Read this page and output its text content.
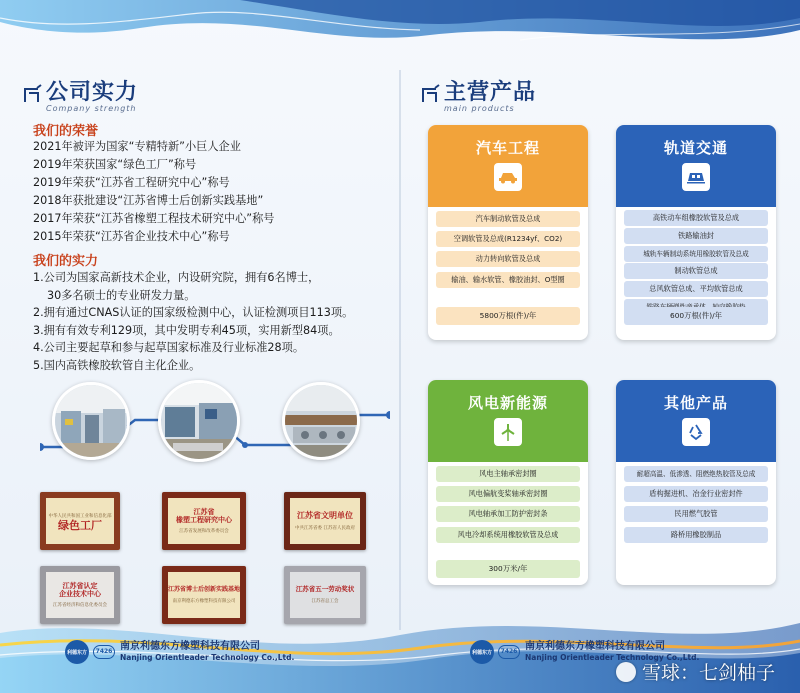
公司实力
Company strength
我们的荣誉
2021年被评为国家“专精特新”小巨人企业
2019年荣获国家“绿色工厂”称号
2019年荣获“江苏省工程研究中心”称号
2018年获批建设“江苏省博士后创新实践基地”
2017年荣获“江苏省橡塑工程技术研究中心”称号
2015年荣获“江苏省企业技术中心”称号
我们的实力
1.公司为国家高新技术企业，内设研究院，拥有6名博士，
30多名硕士的专业研发力量。
2.拥有通过CNAS认证的国家级检测中心，认证检测项目113项。
3.拥有有效专利129项，其中发明专利45项，实用新型84项。
4.公司主要起草和参与起草国家标准及行业标准28项。
5.国内高铁橡胶软管自主化企业。
中华人民共和国工业和信息化部
绿色工厂
江苏省
橡塑工程研究中心
江苏省发展和改革委员会
江苏省文明单位
中共江苏省委 江苏省人民政府
江苏省认定
企业技术中心
江苏省经济和信息化委员会
江苏省博士后创新实践基地
南京利德东方橡塑科技有限公司
江苏省五一劳动奖状
江苏省总工会
主营产品
main products
汽车工程
汽车制动软管及总成
空调软管及总成(R1234yf、CO2)
动力转向软管及总成
输油、输水软管、橡胶油封、O型圈
5800万根(件)/年
轨道交通
高铁动车组橡胶软管及总成
铁路输油封
城轨车辆制动系统用橡胶软管及总成
制动软管总成
总风软管总成、平均软管总成
600万根(件)/年
风电新能源
风电主轴承密封圈
风电偏航变桨轴承密封圈
风电轴承加工防护密封条
风电冷却系统用橡胶软管及总成
300万米/年
其他产品
耐超高温、低渗透、阻燃绝热胶管及总成
盾构掘进机、冶金行业密封件
民用燃气胶管
路桥用橡胶制品
利德东方	7426 南京利德东方橡塑科技有限公司
Nanjing Orientleader Technology Co.,Ltd.
利德东方	7426 南京利德东方橡塑科技有限公司
Nanjing Orientleader Technology Co.,Ltd.
雪球：七剑柚子
